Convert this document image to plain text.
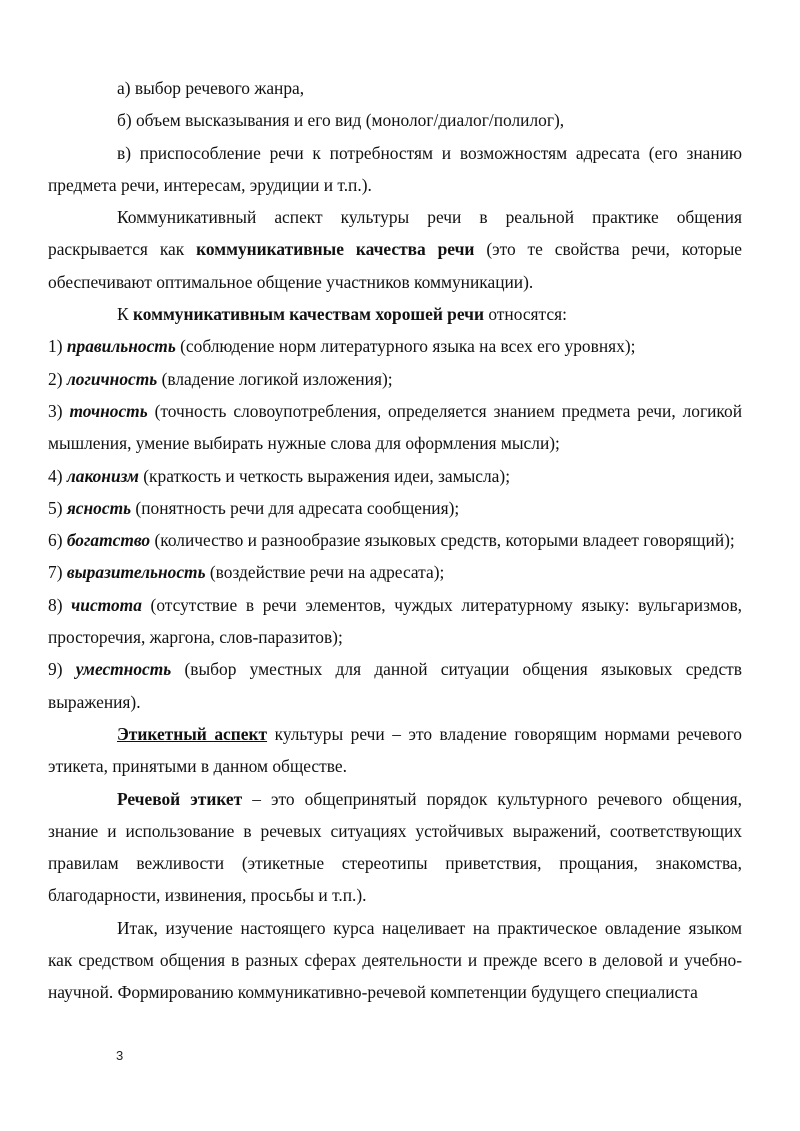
а) выбор речевого жанра,

б) объем высказывания и его вид (монолог/диалог/полилог),

в) приспособление речи к потребностям и возможностям адресата (его знанию предмета речи, интересам, эрудиции и т.п.).

Коммуникативный аспект культуры речи в реальной практике общения раскрывается как коммуникативные качества речи (это те свойства речи, которые обеспечивают оптимальное общение участников коммуникации).

К коммуникативным качествам хорошей речи относятся:

1) правильность (соблюдение норм литературного языка на всех его уровнях);

2) логичность (владение логикой изложения);

3) точность (точность словоупотребления, определяется знанием предмета речи, логикой мышления, умение выбирать нужные слова для оформления мысли);

4) лаконизм (краткость и четкость выражения идеи, замысла);

5) ясность (понятность речи для адресата сообщения);

6) богатство (количество и разнообразие языковых средств, которыми владеет говорящий);

7) выразительность (воздействие речи на адресата);

8) чистота (отсутствие в речи элементов, чуждых литературному языку: вульгаризмов, просторечия, жаргона, слов-паразитов);

9) уместность (выбор уместных для данной ситуации общения языковых средств выражения).

Этикетный аспект культуры речи – это владение говорящим нормами речевого этикета, принятыми в данном обществе.

Речевой этикет – это общепринятый порядок культурного речевого общения, знание и использование в речевых ситуациях устойчивых выражений, соответствующих правилам вежливости (этикетные стереотипы приветствия, прощания, знакомства, благодарности, извинения, просьбы и т.п.).

Итак, изучение настоящего курса нацеливает на практическое овладение языком как средством общения в разных сферах деятельности и прежде всего в деловой и учебно-научной. Формированию коммуникативно-речевой компетенции будущего специалиста

3
